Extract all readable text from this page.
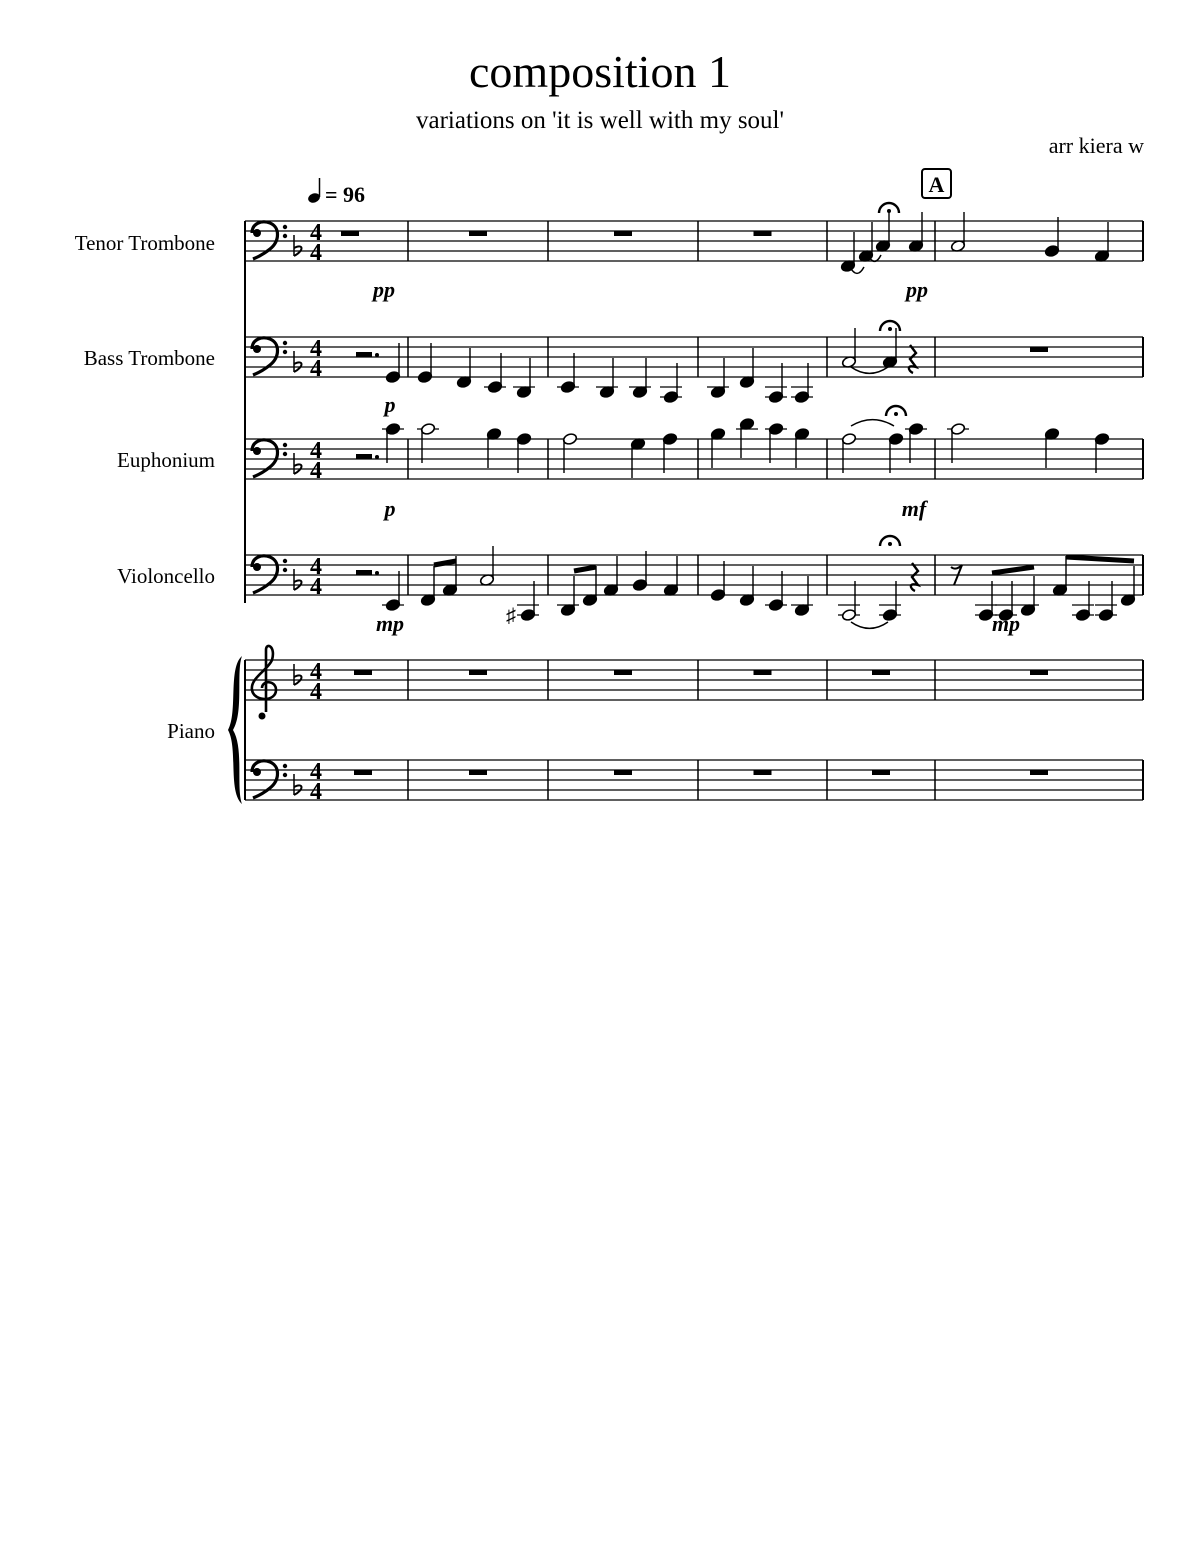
composition 1
variations on 'it is well with my soul'
arr kiera w
= 96	A
Tenor Trombone
Bass Trombone
Euphonium
Violoncello
Piano
4
4
4
4
4
4
4
4
4
4
4
4
♯
pp	pp
p
p	mf
mp	mp
